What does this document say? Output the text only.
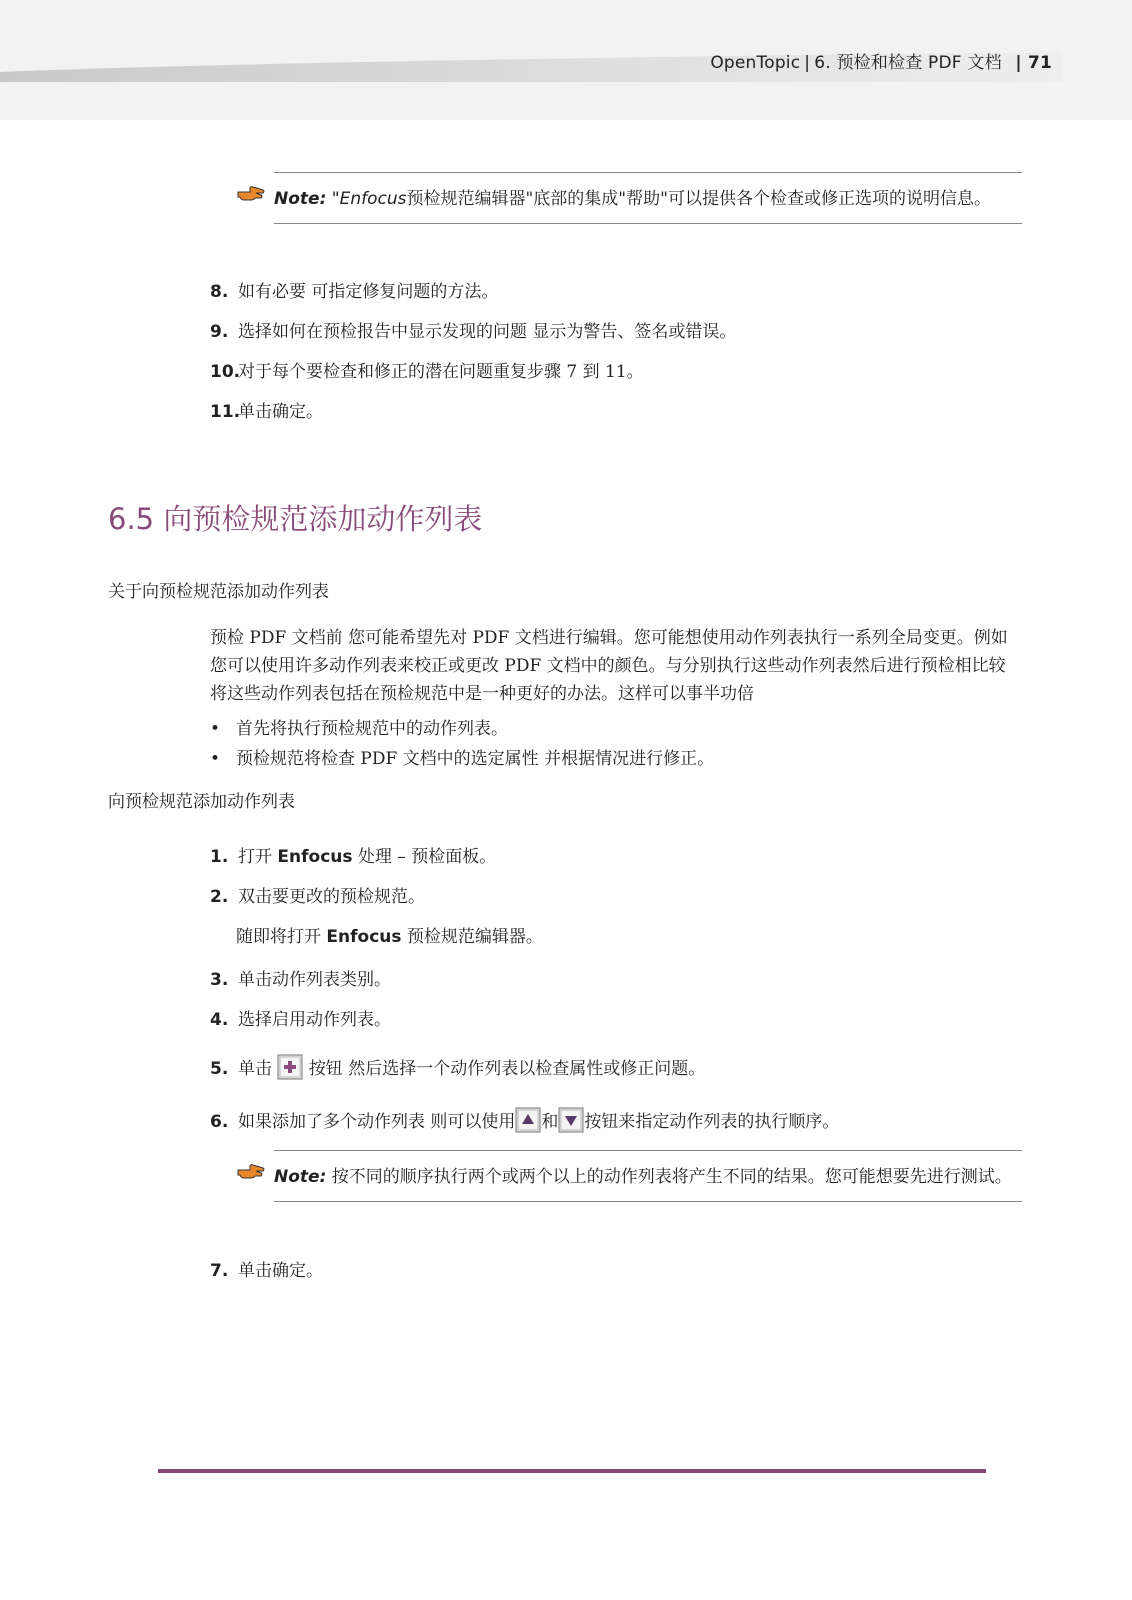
OpenTopic | 6. 预检和检查 PDF 文档 | 71
Note: "Enfocus预检规范编辑器"底部的集成"帮助"可以提供各个检查或修正选项的说明信息。
8. 如有必要 可指定修复问题的方法。
9. 选择如何在预检报告中显示发现的问题 显示为警告、签名或错误。
10.对于每个要检查和修正的潜在问题重复步骤 7 到 11。
11.单击确定。
6.5 向预检规范添加动作列表
关于向预检规范添加动作列表
预检 PDF 文档前 您可能希望先对 PDF 文档进行编辑。您可能想使用动作列表执行一系列全局变更。例如 您可以使用许多动作列表来校正或更改 PDF 文档中的颜色。与分别执行这些动作列表然后进行预检相比较 将这些动作列表包括在预检规范中是一种更好的办法。这样可以事半功倍
• 首先将执行预检规范中的动作列表。
• 预检规范将检查 PDF 文档中的选定属性 并根据情况进行修正。
向预检规范添加动作列表
1. 打开 Enfocus 处理 – 预检面板。
2. 双击要更改的预检规范。
随即将打开 Enfocus 预检规范编辑器。
3. 单击动作列表类别。
4. 选择启用动作列表。
5. 单击 按钮 然后选择一个动作列表以检查属性或修正问题。
6. 如果添加了多个动作列表 则可以使用 和 按钮来指定动作列表的执行顺序。
Note: 按不同的顺序执行两个或两个以上的动作列表将产生不同的结果。您可能想要先进行测试。
7. 单击确定。
